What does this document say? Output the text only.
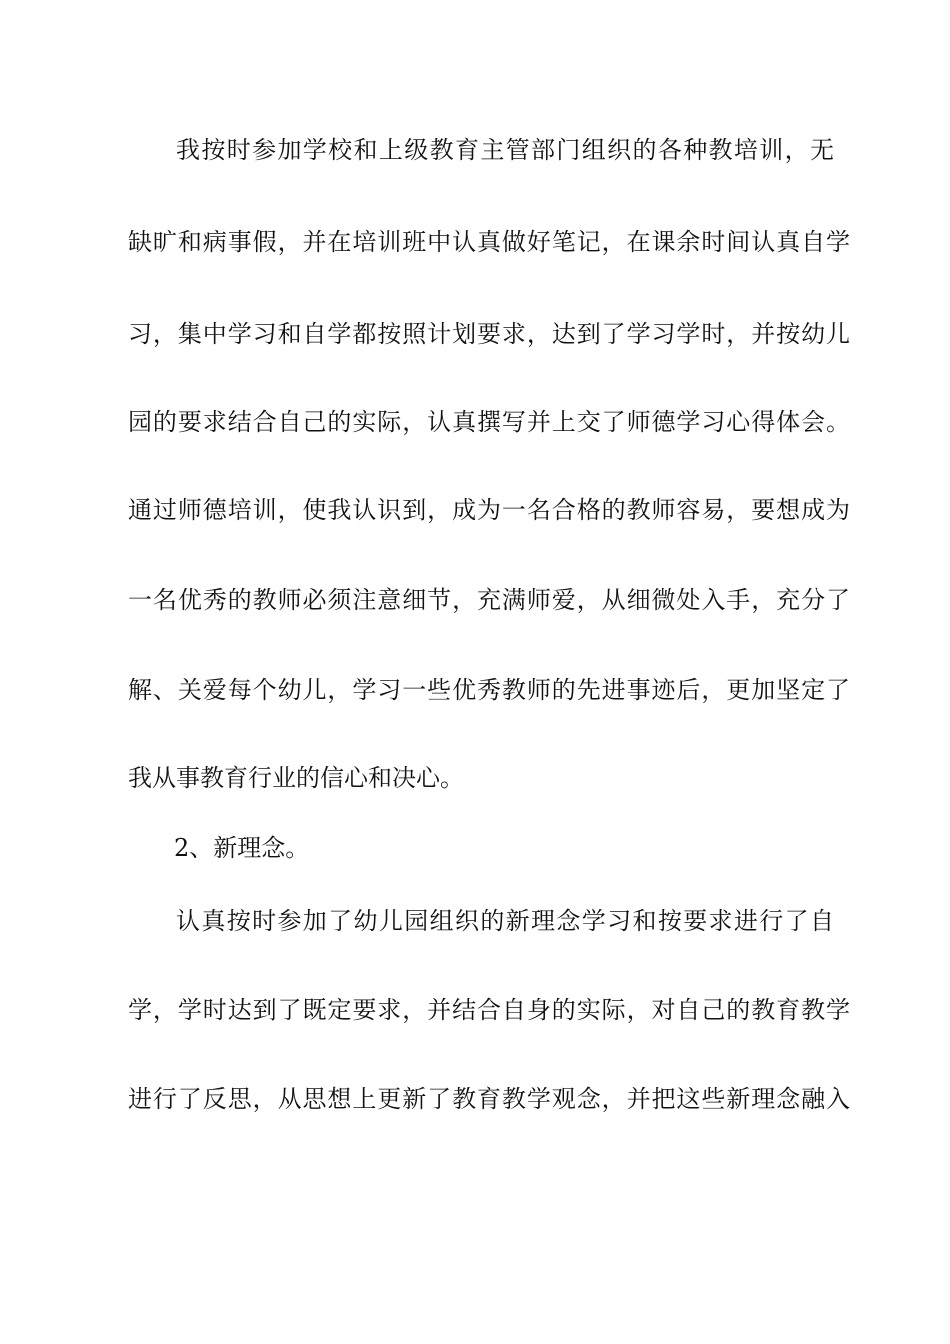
我按时参加学校和上级教育主管部门组织的各种教培训，无
缺旷和病事假，并在培训班中认真做好笔记，在课余时间认真自学
习，集中学习和自学都按照计划要求，达到了学习学时，并按幼儿
园的要求结合自己的实际，认真撰写并上交了师德学习心得体会。
通过师德培训，使我认识到，成为一名合格的教师容易，要想成为
一名优秀的教师必须注意细节，充满师爱，从细微处入手，充分了
解、关爱每个幼儿，学习一些优秀教师的先进事迹后，更加坚定了
我从事教育行业的信心和决心。
2、新理念。
认真按时参加了幼儿园组织的新理念学习和按要求进行了自
学，学时达到了既定要求，并结合自身的实际，对自己的教育教学
进行了反思，从思想上更新了教育教学观念，并把这些新理念融入
